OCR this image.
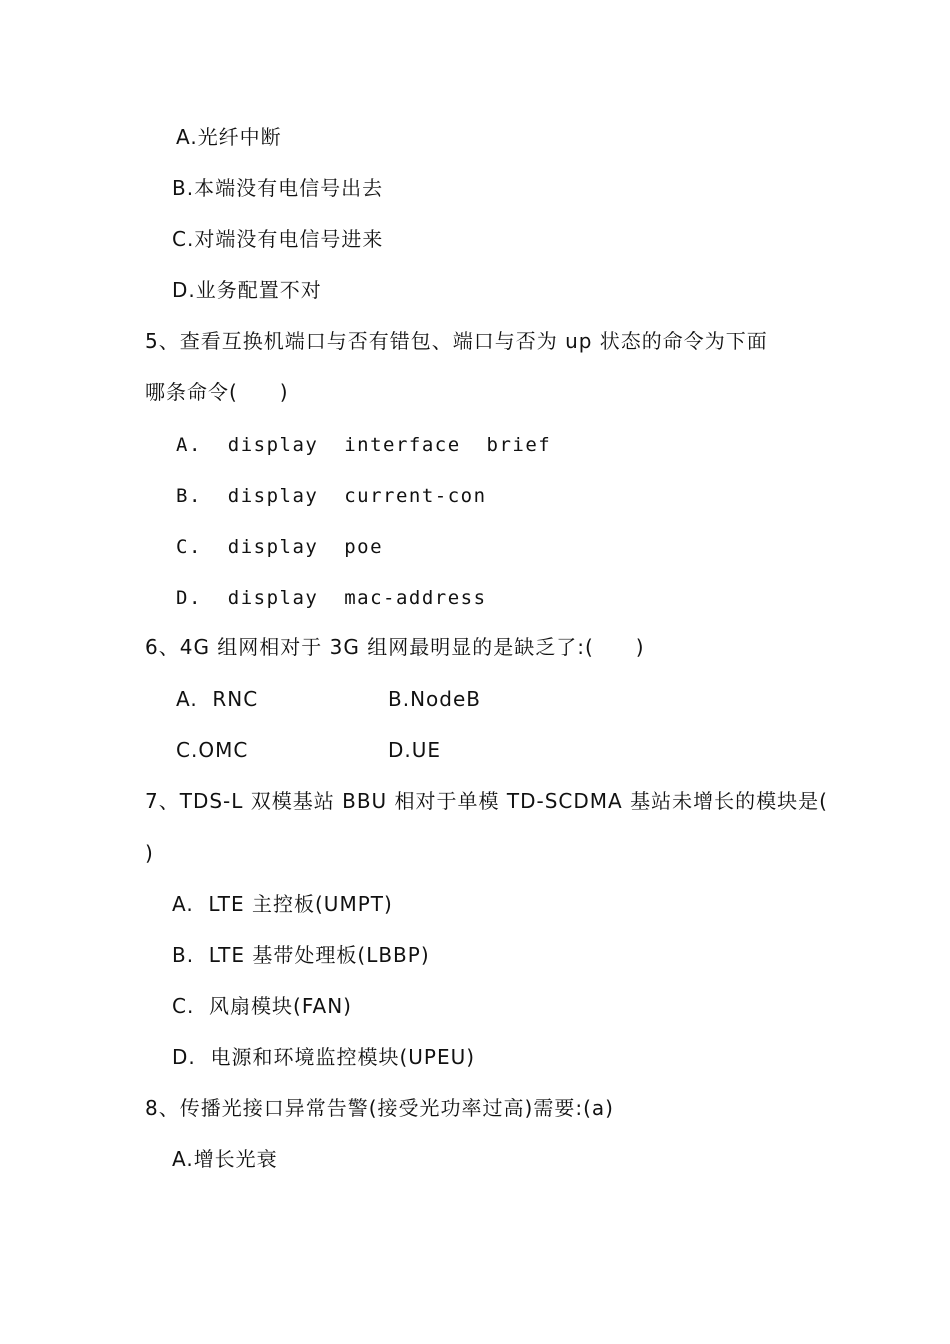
A.光纤中断
B.本端没有电信号出去
C.对端没有电信号进来
D.业务配置不对
5、查看互换机端口与否有错包、端口与否为 up 状态的命令为下面
哪条命令(　　)
A.  display  interface  brief
B.  display  current-con
C.  display  poe
D.  display  mac-address
6、4G 组网相对于 3G 组网最明显的是缺乏了:(　　)
A.  RNC	B.NodeB
C.OMC	D.UE
7、TDS-L 双模基站 BBU 相对于单模 TD-SCDMA 基站未增长的模块是(
)
A.  LTE 主控板(UMPT)
B.  LTE 基带处理板(LBBP)
C.  风扇模块(FAN)
D.  电源和环境监控模块(UPEU)
8、传播光接口异常告警(接受光功率过高)需要:(a)
A.增长光衰
